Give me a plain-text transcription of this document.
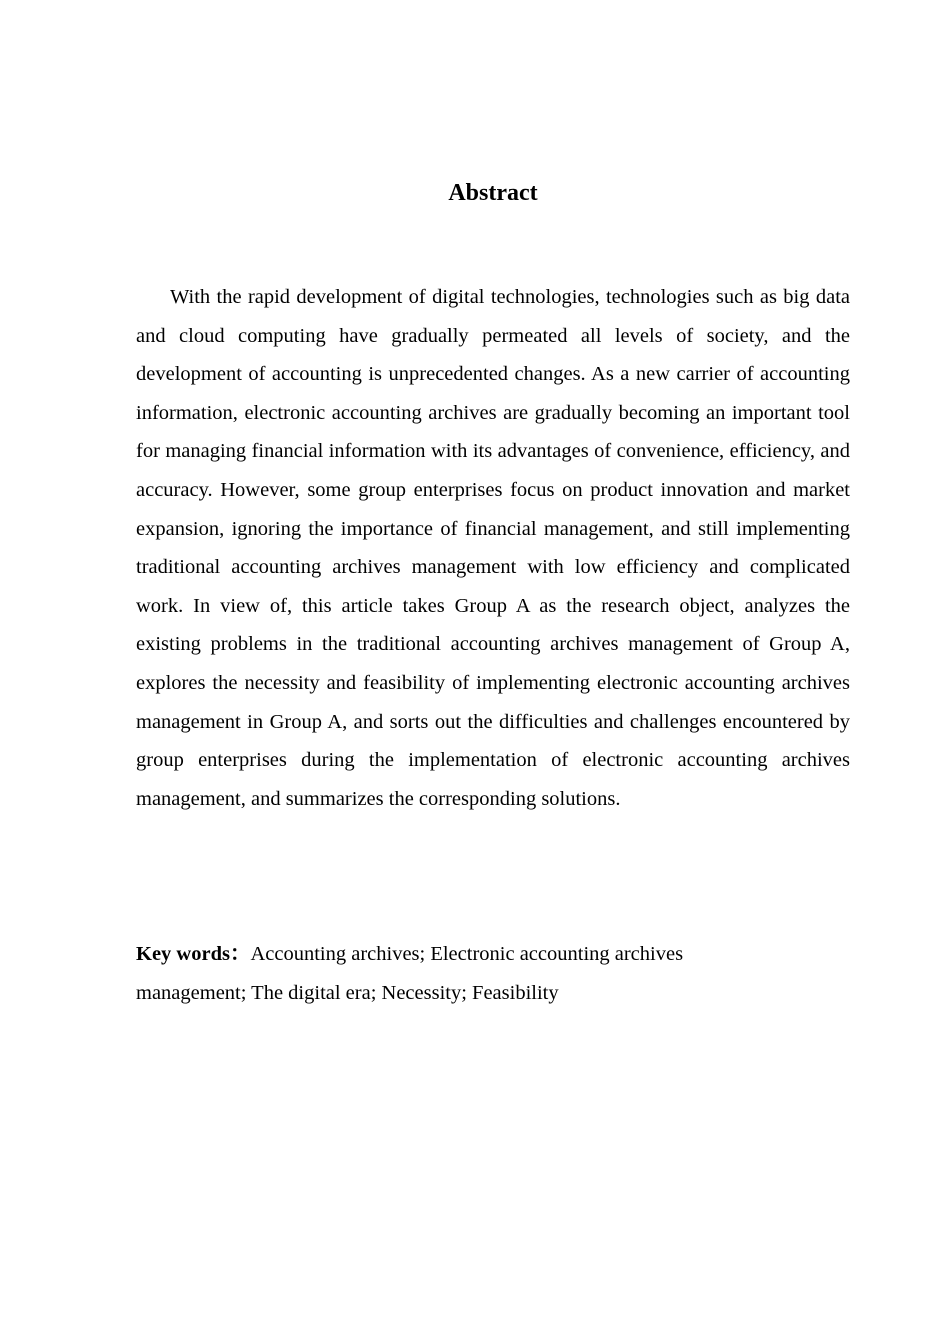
Abstract

With the rapid development of digital technologies, technologies such as big data and cloud computing have gradually permeated all levels of society, and the development of accounting is unprecedented changes. As a new carrier of accounting information, electronic accounting archives are gradually becoming an important tool for managing financial information with its advantages of convenience, efficiency, and accuracy. However, some group enterprises focus on product innovation and market expansion, ignoring the importance of financial management, and still implementing traditional accounting archives management with low efficiency and complicated work. In view of, this article takes Group A as the research object, analyzes the existing problems in the traditional accounting archives management of Group A, explores the necessity and feasibility of implementing electronic accounting archives management in Group A, and sorts out the difficulties and challenges encountered by group enterprises during the implementation of electronic accounting archives management, and summarizes the corresponding solutions.

Key words：Accounting archives; Electronic accounting archives management; The digital era; Necessity; Feasibility
